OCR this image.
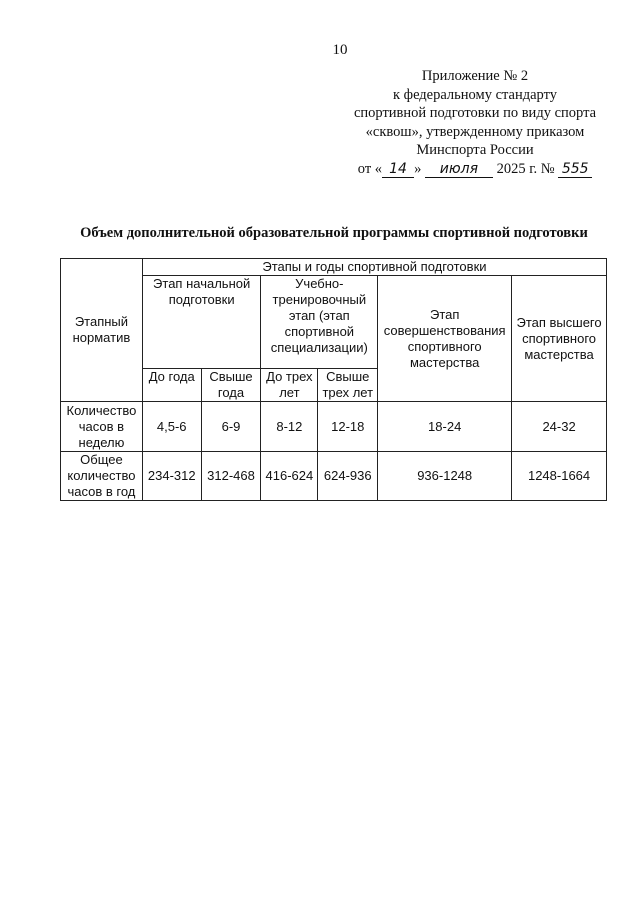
10
Приложение № 2
к федеральному стандарту
спортивной подготовки по виду спорта
«сквош», утвержденному приказом
Минспорта России
от « 14 » июля 2025 г. № 555
Объем дополнительной образовательной программы спортивной подготовки
Этапный норматив	Этапы и годы спортивной подготовки					
	Этап начальной подготовки		Учебно-тренировочный этап (этап спортивной специализации)		Этап совершенствования спортивного мастерства	Этап высшего спортивного мастерства
	До года	Свыше года	До трех лет	Свыше трех лет		
Количество часов в неделю	4,5-6	6-9	8-12	12-18	18-24	24-32
Общее количество часов в год	234-312	312-468	416-624	624-936	936-1248	1248-1664
